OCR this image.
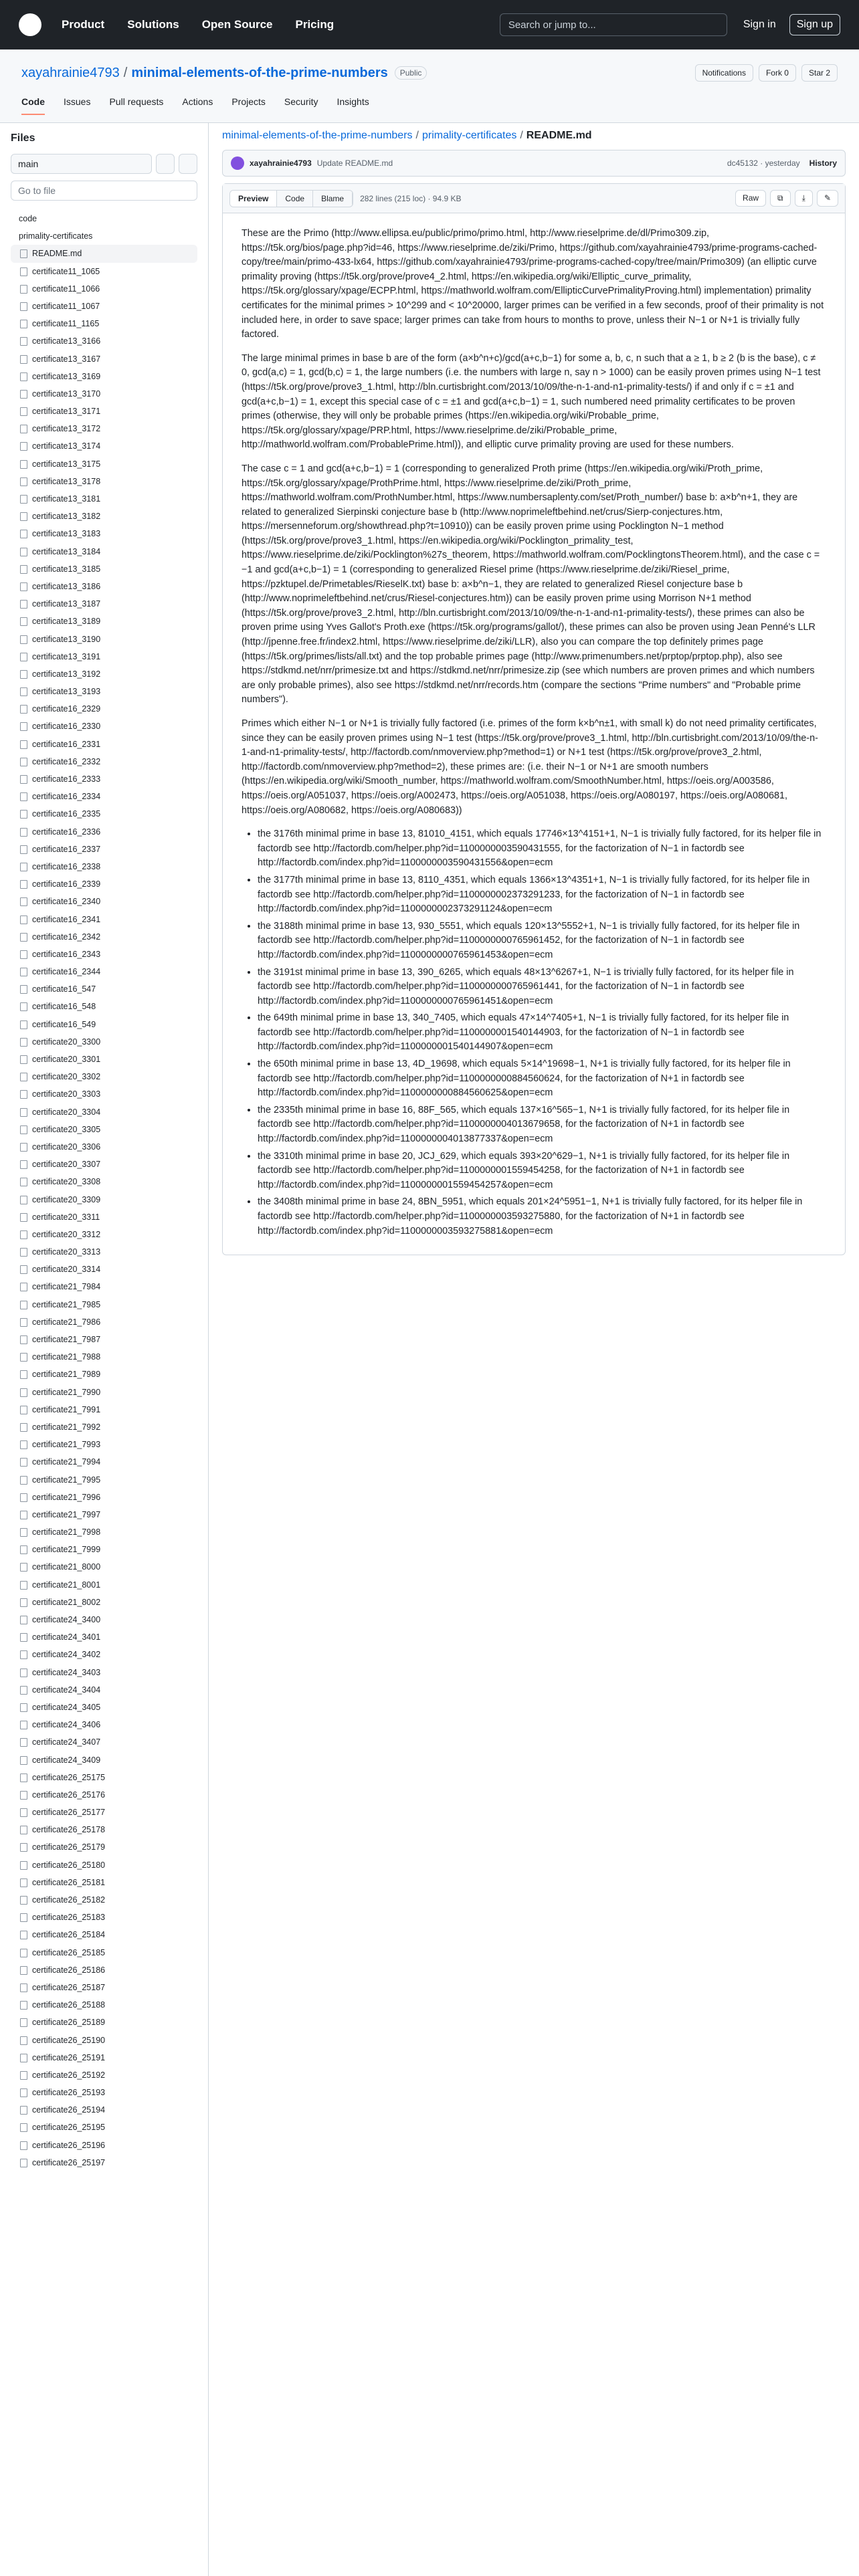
Product Solutions Open Source Pricing	Search or jump to...	Sign in	Sign up
xayahrainie4793 / minimal-elements-of-the-prime-numbers	Public	Notifications	Fork 0	Star 2
Code Issues Pull requests Actions Projects Security Insights
Files
main
Go to file
code
primality-certificates
README.md
certificate11_1065
certificate11_1066
certificate11_1067
certificate11_1165
certificate13_3166
certificate13_3167
certificate13_3169
certificate13_3170
certificate13_3171
certificate13_3172
certificate13_3174
certificate13_3175
certificate13_3178
certificate13_3181
certificate13_3182
certificate13_3183
certificate13_3184
certificate13_3185
certificate13_3186
certificate13_3187
certificate13_3189
certificate13_3190
certificate13_3191
certificate13_3192
certificate13_3193
certificate16_2329
certificate16_2330
certificate16_2331
certificate16_2332
certificate16_2333
certificate16_2334
certificate16_2335
certificate16_2336
certificate16_2337
certificate16_2338
certificate16_2339
certificate16_2340
certificate16_2341
certificate16_2342
certificate16_2343
certificate16_2344
certificate16_547
certificate16_548
certificate16_549
certificate20_3300
certificate20_3301
certificate20_3302
certificate20_3303
certificate20_3304
certificate20_3305
certificate20_3306
certificate20_3307
certificate20_3308
certificate20_3309
certificate20_3311
certificate20_3312
certificate20_3313
certificate20_3314
certificate21_7984
certificate21_7985
certificate21_7986
certificate21_7987
certificate21_7988
certificate21_7989
certificate21_7990
certificate21_7991
certificate21_7992
certificate21_7993
certificate21_7994
certificate21_7995
certificate21_7996
certificate21_7997
certificate21_7998
certificate21_7999
certificate21_8000
certificate21_8001
certificate21_8002
certificate24_3400
certificate24_3401
certificate24_3402
certificate24_3403
certificate24_3404
certificate24_3405
certificate24_3406
certificate24_3407
certificate24_3409
certificate26_25175
certificate26_25176
certificate26_25177
certificate26_25178
certificate26_25179
certificate26_25180
certificate26_25181
certificate26_25182
certificate26_25183
certificate26_25184
certificate26_25185
certificate26_25186
certificate26_25187
certificate26_25188
certificate26_25189
certificate26_25190
certificate26_25191
certificate26_25192
certificate26_25193
certificate26_25194
certificate26_25195
certificate26_25196
certificate26_25197
minimal-elements-of-the-prime-numbers / primality-certificates / README.md
xayahrainie4793 Update README.md	dc45132 · yesterday History
Preview	Code	Blame	282 lines (215 loc) · 94.9 KB	Raw	⧉	⤓	✎

These are the Primo (http://www.ellipsa.eu/public/primo/primo.html, http://www.rieselprime.de/dl/Primo309.zip, https://t5k.org/bios/page.php?id=46, https://www.rieselprime.de/ziki/Primo, https://github.com/xayahrainie4793/prime-programs-cached-copy/tree/main/primo-433-lx64, https://github.com/xayahrainie4793/prime-programs-cached-copy/tree/main/Primo309) (an elliptic curve primality proving (https://t5k.org/prove/prove4_2.html, https://en.wikipedia.org/wiki/Elliptic_curve_primality, https://t5k.org/glossary/xpage/ECPP.html, https://mathworld.wolfram.com/EllipticCurvePrimalityProving.html) implementation) primality certificates for the minimal primes > 10^299 and < 10^20000, larger primes can be verified in a few seconds, proof of their primality is not included here, in order to save space; larger primes can take from hours to months to prove, unless their N−1 or N+1 is trivially fully factored.

The large minimal primes in base b are of the form (a×b^n+c)/gcd(a+c,b−1) for some a, b, c, n such that a ≥ 1, b ≥ 2 (b is the base), c ≠ 0, gcd(a,c) = 1, gcd(b,c) = 1, the large numbers (i.e. the numbers with large n, say n > 1000) can be easily proven primes using N−1 test (https://t5k.org/prove/prove3_1.html, http://bln.curtisbright.com/2013/10/09/the-n-1-and-n1-primality-tests/) if and only if c = ±1 and gcd(a+c,b−1) = 1, except this special case of c = ±1 and gcd(a+c,b−1) = 1, such numbered need primality certificates to be proven primes (otherwise, they will only be probable primes (https://en.wikipedia.org/wiki/Probable_prime, https://t5k.org/glossary/xpage/PRP.html, https://www.rieselprime.de/ziki/Probable_prime, http://mathworld.wolfram.com/ProbablePrime.html)), and elliptic curve primality proving are used for these numbers.

The case c = 1 and gcd(a+c,b−1) = 1 (corresponding to generalized Proth prime (https://en.wikipedia.org/wiki/Proth_prime, https://t5k.org/glossary/xpage/ProthPrime.html, https://www.rieselprime.de/ziki/Proth_prime, https://mathworld.wolfram.com/ProthNumber.html, https://www.numbersaplenty.com/set/Proth_number/) base b: a×b^n+1, they are related to generalized Sierpinski conjecture base b (http://www.noprimeleftbehind.net/crus/Sierp-conjectures.htm, https://mersenneforum.org/showthread.php?t=10910)) can be easily proven prime using Pocklington N−1 method (https://t5k.org/prove/prove3_1.html, https://en.wikipedia.org/wiki/Pocklington_primality_test, https://www.rieselprime.de/ziki/Pocklington%27s_theorem, https://mathworld.wolfram.com/PocklingtonsTheorem.html), and the case c = −1 and gcd(a+c,b−1) = 1 (corresponding to generalized Riesel prime (https://www.rieselprime.de/ziki/Riesel_prime, https://pzktupel.de/Primetables/RieselK.txt) base b: a×b^n−1, they are related to generalized Riesel conjecture base b (http://www.noprimeleftbehind.net/crus/Riesel-conjectures.htm)) can be easily proven prime using Morrison N+1 method (https://t5k.org/prove/prove3_2.html, http://bln.curtisbright.com/2013/10/09/the-n-1-and-n1-primality-tests/), these primes can also be proven prime using Yves Gallot's Proth.exe (https://t5k.org/programs/gallot/), these primes can also be proven using Jean Penné's LLR (http://jpenne.free.fr/index2.html, https://www.rieselprime.de/ziki/LLR), also you can compare the top definitely primes page (https://t5k.org/primes/lists/all.txt) and the top probable primes page (http://www.primenumbers.net/prptop/prptop.php), also see https://stdkmd.net/nrr/primesize.txt and https://stdkmd.net/nrr/primesize.zip (see which numbers are proven primes and which numbers are only probable primes), also see https://stdkmd.net/nrr/records.htm (compare the sections "Prime numbers" and "Probable prime numbers").

Primes which either N−1 or N+1 is trivially fully factored (i.e. primes of the form k×b^n±1, with small k) do not need primality certificates, since they can be easily proven primes using N−1 test (https://t5k.org/prove/prove3_1.html, http://bln.curtisbright.com/2013/10/09/the-n-1-and-n1-primality-tests/, http://factordb.com/nmoverview.php?method=1) or N+1 test (https://t5k.org/prove/prove3_2.html, http://factordb.com/nmoverview.php?method=2), these primes are: (i.e. their N−1 or N+1 are smooth numbers (https://en.wikipedia.org/wiki/Smooth_number, https://mathworld.wolfram.com/SmoothNumber.html, https://oeis.org/A003586, https://oeis.org/A051037, https://oeis.org/A002473, https://oeis.org/A051038, https://oeis.org/A080197, https://oeis.org/A080681, https://oeis.org/A080682, https://oeis.org/A080683))

• the 3176th minimal prime in base 13, 81010_4151, which equals 17746×13^4151+1, N−1 is trivially fully factored, for its helper file in factordb see http://factordb.com/helper.php?id=1100000003590431555, for the factorization of N−1 in factordb see http://factordb.com/index.php?id=1100000003590431556&open=ecm
• the 3177th minimal prime in base 13, 8110_4351, which equals 1366×13^4351+1, N−1 is trivially fully factored, for its helper file in factordb see http://factordb.com/helper.php?id=1100000002373291233, for the factorization of N−1 in factordb see http://factordb.com/index.php?id=1100000002373291124&open=ecm
• the 3188th minimal prime in base 13, 930_5551, which equals 120×13^5552+1, N−1 is trivially fully factored, for its helper file in factordb see http://factordb.com/helper.php?id=1100000000765961452, for the factorization of N−1 in factordb see http://factordb.com/index.php?id=1100000000765961453&open=ecm
• the 3191st minimal prime in base 13, 390_6265, which equals 48×13^6267+1, N−1 is trivially fully factored, for its helper file in factordb see http://factordb.com/helper.php?id=1100000000765961441, for the factorization of N−1 in factordb see http://factordb.com/index.php?id=1100000000765961451&open=ecm
• the 649th minimal prime in base 13, 340_7405, which equals 47×14^7405+1, N−1 is trivially fully factored, for its helper file in factordb see http://factordb.com/helper.php?id=1100000001540144903, for the factorization of N−1 in factordb see http://factordb.com/index.php?id=1100000001540144907&open=ecm
• the 650th minimal prime in base 13, 4D_19698, which equals 5×14^19698−1, N+1 is trivially fully factored, for its helper file in factordb see http://factordb.com/helper.php?id=1100000000884560624, for the factorization of N+1 in factordb see http://factordb.com/index.php?id=1100000000884560625&open=ecm
• the 2335th minimal prime in base 16, 88F_565, which equals 137×16^565−1, N+1 is trivially fully factored, for its helper file in factordb see http://factordb.com/helper.php?id=1100000004013679658, for the factorization of N+1 in factordb see http://factordb.com/index.php?id=1100000004013877337&open=ecm
• the 3310th minimal prime in base 20, JCJ_629, which equals 393×20^629−1, N+1 is trivially fully factored, for its helper file in factordb see http://factordb.com/helper.php?id=1100000001559454258, for the factorization of N+1 in factordb see http://factordb.com/index.php?id=1100000001559454257&open=ecm
• the 3408th minimal prime in base 24, 8BN_5951, which equals 201×24^5951−1, N+1 is trivially fully factored, for its helper file in factordb see http://factordb.com/helper.php?id=1100000003593275880, for the factorization of N+1 in factordb see http://factordb.com/index.php?id=1100000003593275881&open=ecm
